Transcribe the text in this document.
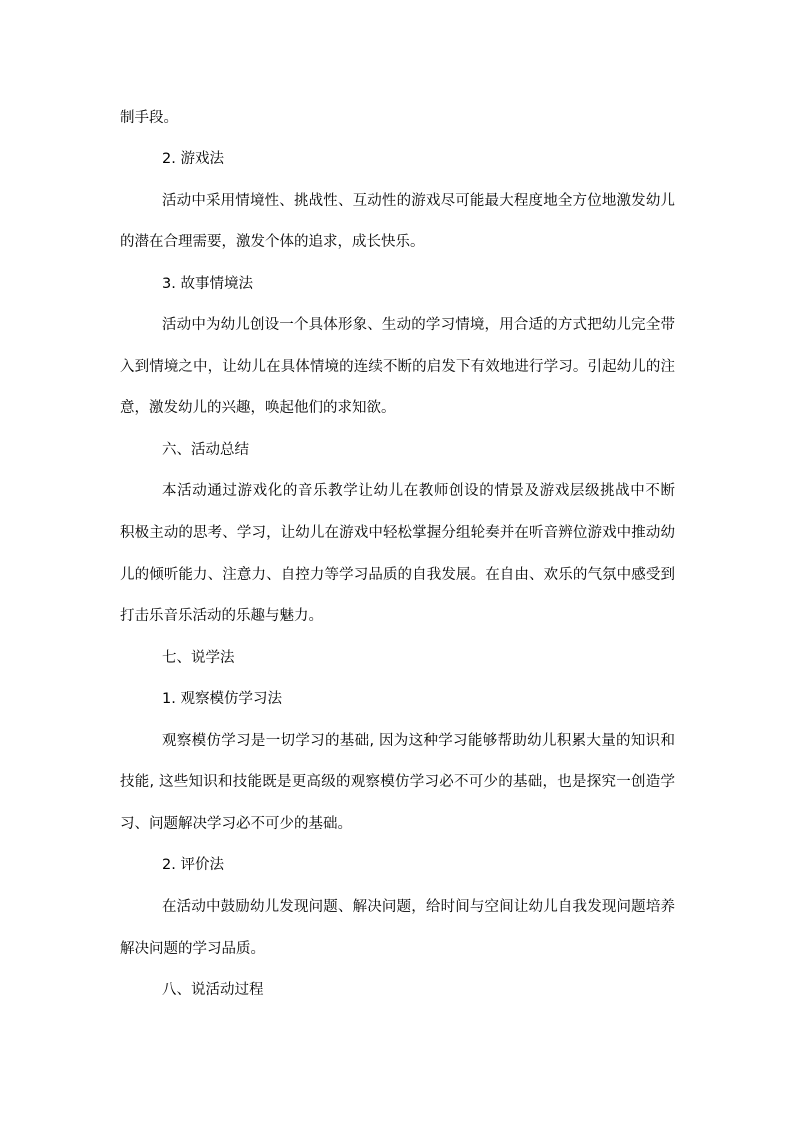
制手段。
2. 游戏法
活动中采用情境性、挑战性、互动性的游戏尽可能最大程度地全方位地激发幼儿
的潜在合理需要，激发个体的追求，成长快乐。
3. 故事情境法
活动中为幼儿创设一个具体形象、生动的学习情境，用合适的方式把幼儿完全带
入到情境之中，让幼儿在具体情境的连续不断的启发下有效地进行学习。引起幼儿的注
意，激发幼儿的兴趣，唤起他们的求知欲。
六、活动总结
本活动通过游戏化的音乐教学让幼儿在教师创设的情景及游戏层级挑战中不断
积极主动的思考、学习，让幼儿在游戏中轻松掌握分组轮奏并在听音辨位游戏中推动幼
儿的倾听能力、注意力、自控力等学习品质的自我发展。在自由、欢乐的气氛中感受到
打击乐音乐活动的乐趣与魅力。
七、说学法
1. 观察模仿学习法
观察模仿学习是一切学习的基础, 因为这种学习能够帮助幼儿积累大量的知识和
技能, 这些知识和技能既是更高级的观察模仿学习必不可少的基础，也是探究一创造学
习、问题解决学习必不可少的基础。
2. 评价法
在活动中鼓励幼儿发现问题、解决问题，给时间与空间让幼儿自我发现问题培养
解决问题的学习品质。
八、说活动过程
